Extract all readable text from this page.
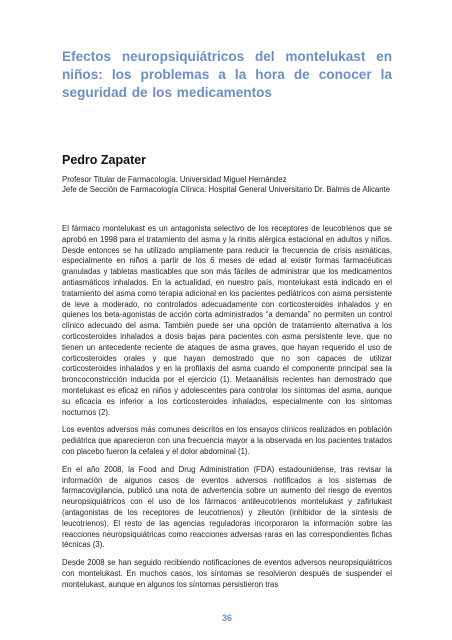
Efectos neuropsiquiátricos del montelukast en niños: los problemas a la hora de conocer la seguridad de los medicamentos
Pedro Zapater
Profesor Titular de Farmacología. Universidad Miguel Hernández
Jefe de Sección de Farmacología Clínica. Hospital General Universitario Dr. Balmis de Alicante

El fármaco montelukast es un antagonista selectivo de los receptores de leucotrienos que se aprobó en 1998 para el tratamiento del asma y la rinitis alérgica estacional en adultos y niños. Desde entonces se ha utilizado ampliamente para reducir la frecuencia de crisis asmáticas, especialmente en niños a partir de los 6 meses de edad al existir formas farmacéuticas granuladas y tabletas masticables que son más fáciles de administrar que los medicamentos antiasmáticos inhalados. En la actualidad, en nuestro país, montelukast está indicado en el tratamiento del asma como terapia adicional en los pacientes pediátricos con asma persistente de leve a moderado, no controlados adecuadamente con corticosteroides inhalados y en quienes los beta-agonistas de acción corta administrados “a demanda” no permiten un control clínico adecuado del asma. También puede ser una opción de tratamiento alternativa a los corticosteroides inhalados a dosis bajas para pacientes con asma persistente leve, que no tienen un antecedente reciente de ataques de asma graves, que hayan requerido el uso de corticosteroides orales y que hayan demostrado que no son capaces de utilizar corticosteroides inhalados y en la profilaxis del asma cuando el componente principal sea la broncoconstricción inducida por el ejercicio (1). Metaanálisis recientes han demostrado que montelukast es eficaz en niños y adolescentes para controlar los síntomas del asma, aunque su eficacia es inferior a los corticosteroides inhalados, especialmente con los síntomas nocturnos (2).

Los eventos adversos más comunes descritos en los ensayos clínicos realizados en población pediátrica que aparecieron con una frecuencia mayor a la observada en los pacientes tratados con placebo fueron la cefalea y el dolor abdominal (1).

En el año 2008, la Food and Drug Administration (FDA) estadounidense, tras revisar la información de algunos casos de eventos adversos notificados a los sistemas de farmacovigilancia, publicó una nota de advertencia sobre un aumento del riesgo de eventos neuropsiquiátricos con el uso de los fármacos antileucotrienos montelukast y zafirlukast (antagonistas de los receptores de leucotrienos) y zileutón (inhibidor de la síntesis de leucotrienos). El resto de las agencias reguladoras incorporaron la información sobre las reacciones neuropsiquiátricas como reacciones adversas raras en las correspondientes fichas técnicas (3).

Desde 2008 se han seguido recibiendo notificaciones de eventos adversos neuropsiquiátricos con montelukast. En muchos casos, los síntomas se resolvieron después de suspender el montelukast, aunque en algunos los síntomas persistieron tras

36
